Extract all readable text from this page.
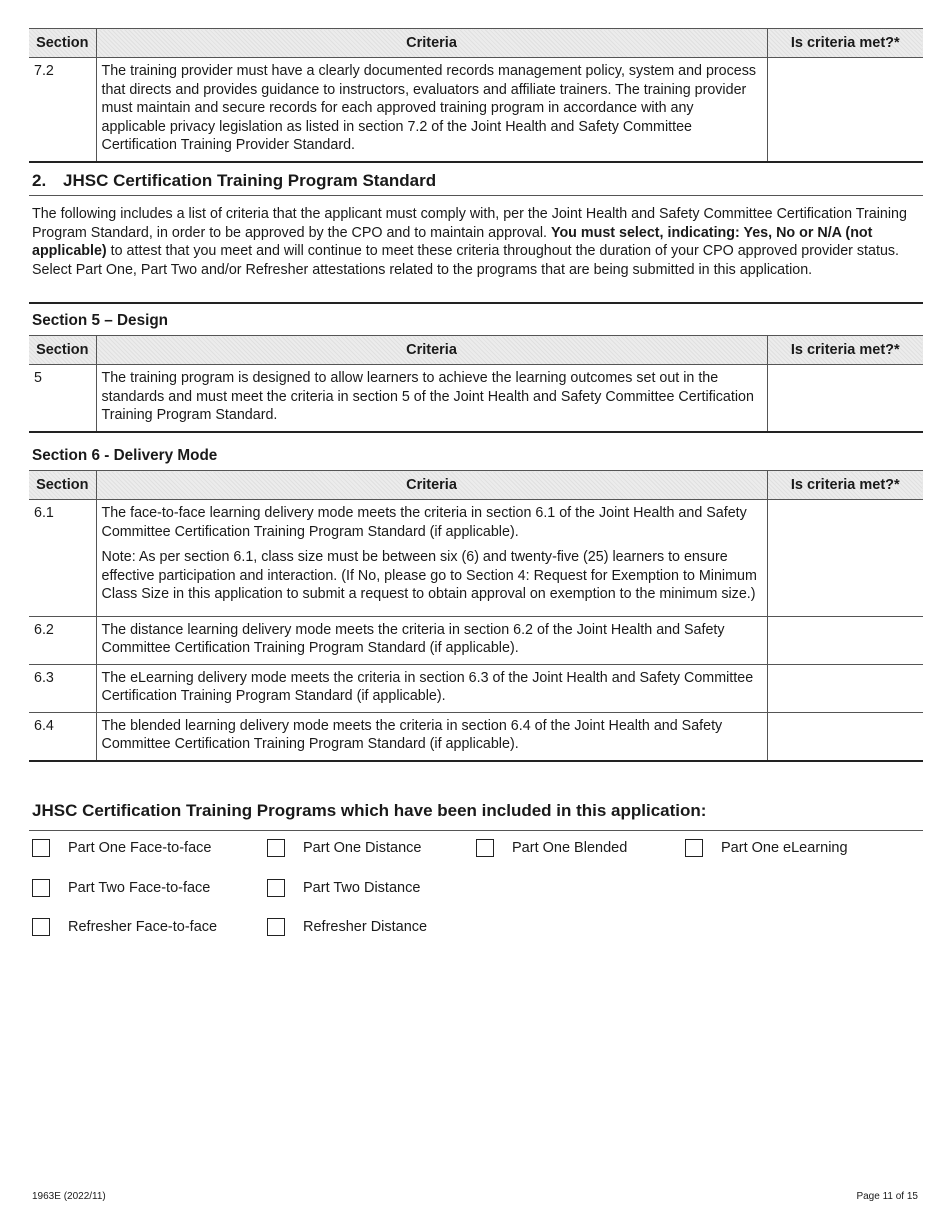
Section	Criteria	Is criteria met?*
7.2	The training provider must have a clearly documented records management policy, system and process that directs and provides guidance to instructors, evaluators and affiliate trainers. The training provider must maintain and secure records for each approved training program in accordance with any applicable privacy legislation as listed in section 7.2 of the Joint Health and Safety Committee Certification Training Provider Standard.	
2. JHSC Certification Training Program Standard

The following includes a list of criteria that the applicant must comply with, per the Joint Health and Safety Committee Certification Training Program Standard, in order to be approved by the CPO and to maintain approval. You must select, indicating: Yes, No or N/A (not applicable) to attest that you meet and will continue to meet these criteria throughout the duration of your CPO approved provider status. Select Part One, Part Two and/or Refresher attestations related to the programs that are being submitted in this application.

Section 5 – Design
Section	Criteria	Is criteria met?*
5	The training program is designed to allow learners to achieve the learning outcomes set out in the standards and must meet the criteria in section 5 of the Joint Health and Safety Committee Certification Training Program Standard.	
Section 6 - Delivery Mode
Section	Criteria	Is criteria met?*
6.1	The face-to-face learning delivery mode meets the criteria in section 6.1 of the Joint Health and Safety Committee Certification Training Program Standard (if applicable).

Note: As per section 6.1, class size must be between six (6) and twenty-five (25) learners to ensure effective participation and interaction. (If No, please go to Section 4: Request for Exemption to Minimum Class Size in this application to submit a request to obtain approval on exemption to the minimum size.)	

6.2	The distance learning delivery mode meets the criteria in section 6.2 of the Joint Health and Safety Committee Certification Training Program Standard (if applicable).	
6.3	The eLearning delivery mode meets the criteria in section 6.3 of the Joint Health and Safety Committee Certification Training Program Standard (if applicable).	
6.4	The blended learning delivery mode meets the criteria in section 6.4 of the Joint Health and Safety Committee Certification Training Program Standard (if applicable).	
JHSC Certification Training Programs which have been included in this application:
Part One Face-to-face	Part One Distance	Part One Blended	Part One eLearning
Part Two Face-to-face	Part Two Distance
Refresher Face-to-face	Refresher Distance
1963E (2022/11)	Page 11 of 15
